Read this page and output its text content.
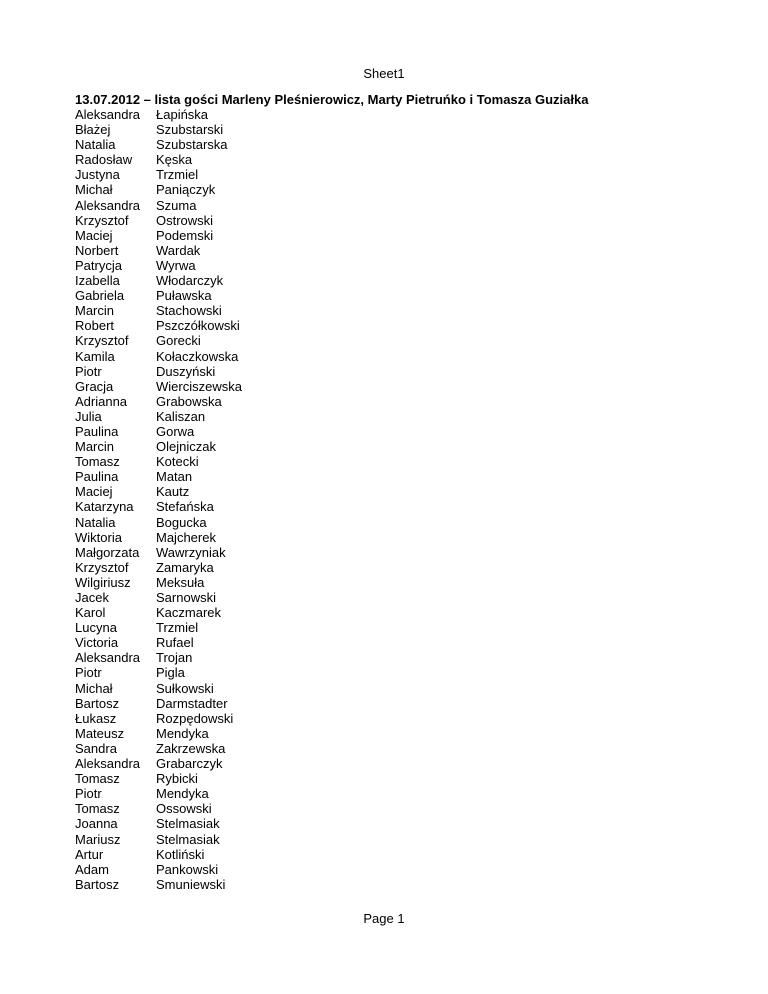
Sheet1
13.07.2012 – lista gości Marleny Pleśnierowicz, Marty Pietruńko i Tomasza Guziałka
Aleksandra	Łapińska
Błażej	Szubstarski
Natalia	Szubstarska
Radosław	Kęska
Justyna	Trzmiel
Michał	Paniączyk
Aleksandra	Szuma
Krzysztof	Ostrowski
Maciej	Podemski
Norbert	Wardak
Patrycja	Wyrwa
Izabella	Włodarczyk
Gabriela	Puławska
Marcin	Stachowski
Robert	Pszczółkowski
Krzysztof	Gorecki
Kamila	Kołaczkowska
Piotr	Duszyński
Gracja	Wierciszewska
Adrianna	Grabowska
Julia	Kaliszan
Paulina	Gorwa
Marcin	Olejniczak
Tomasz	Kotecki
Paulina	Matan
Maciej	Kautz
Katarzyna	Stefańska
Natalia	Bogucka
Wiktoria	Majcherek
Małgorzata	Wawrzyniak
Krzysztof	Zamaryka
Wilgiriusz	Meksuła
Jacek	Sarnowski
Karol	Kaczmarek
Lucyna	Trzmiel
Victoria	Rufael
Aleksandra	Trojan
Piotr	Pigla
Michał	Sułkowski
Bartosz	Darmstadter
Łukasz	Rozpędowski
Mateusz	Mendyka
Sandra	Zakrzewska
Aleksandra	Grabarczyk
Tomasz	Rybicki
Piotr	Mendyka
Tomasz	Ossowski
Joanna	Stelmasiak
Mariusz	Stelmasiak
Artur	Kotliński
Adam	Pankowski
Bartosz	Smuniewski
Page 1
